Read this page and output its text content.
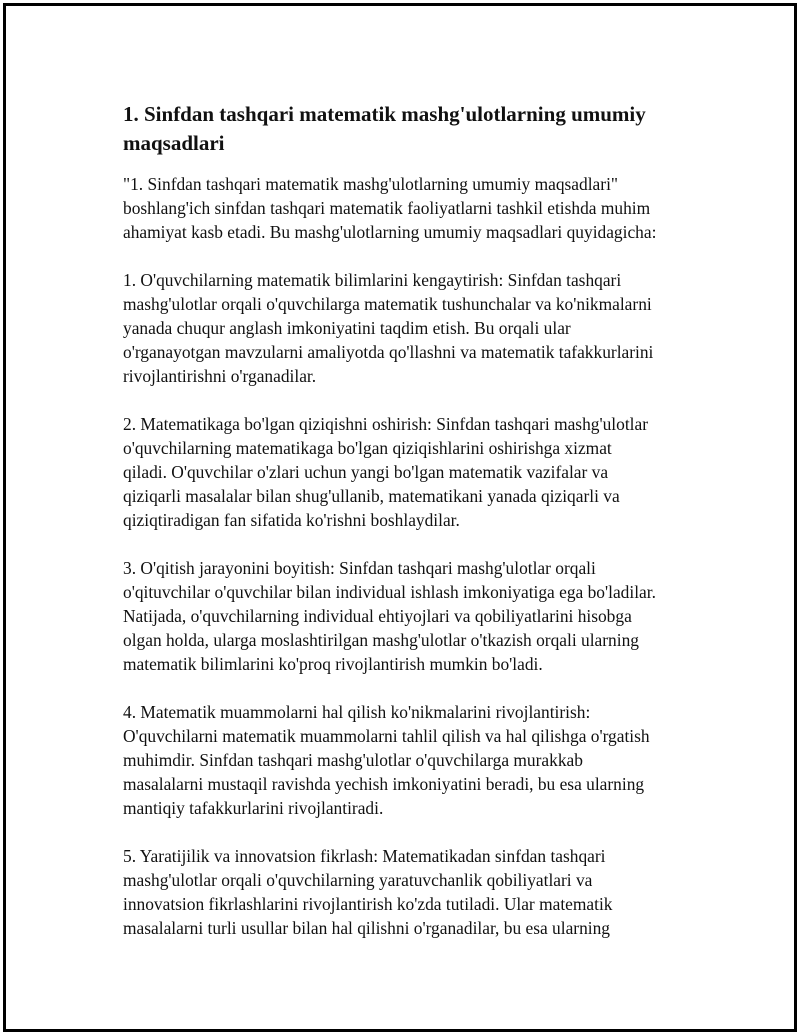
1. Sinfdan tashqari matematik mashg'ulotlarning umumiy
maqsadlari

"1. Sinfdan tashqari matematik mashg'ulotlarning umumiy maqsadlari"
boshlang'ich sinfdan tashqari matematik faoliyatlarni tashkil etishda muhim
ahamiyat kasb etadi. Bu mashg'ulotlarning umumiy maqsadlari quyidagicha:

1. O'quvchilarning matematik bilimlarini kengaytirish: Sinfdan tashqari
mashg'ulotlar orqali o'quvchilarga matematik tushunchalar va ko'nikmalarni
yanada chuqur anglash imkoniyatini taqdim etish. Bu orqali ular
o'rganayotgan mavzularni amaliyotda qo'llashni va matematik tafakkurlarini
rivojlantirishni o'rganadilar.

2. Matematikaga bo'lgan qiziqishni oshirish: Sinfdan tashqari mashg'ulotlar
o'quvchilarning matematikaga bo'lgan qiziqishlarini oshirishga xizmat
qiladi. O'quvchilar o'zlari uchun yangi bo'lgan matematik vazifalar va
qiziqarli masalalar bilan shug'ullanib, matematikani yanada qiziqarli va
qiziqtiradigan fan sifatida ko'rishni boshlaydilar.

3. O'qitish jarayonini boyitish: Sinfdan tashqari mashg'ulotlar orqali
o'qituvchilar o'quvchilar bilan individual ishlash imkoniyatiga ega bo'ladilar.
Natijada, o'quvchilarning individual ehtiyojlari va qobiliyatlarini hisobga
olgan holda, ularga moslashtirilgan mashg'ulotlar o'tkazish orqali ularning
matematik bilimlarini ko'proq rivojlantirish mumkin bo'ladi.

4. Matematik muammolarni hal qilish ko'nikmalarini rivojlantirish:
O'quvchilarni matematik muammolarni tahlil qilish va hal qilishga o'rgatish
muhimdir. Sinfdan tashqari mashg'ulotlar o'quvchilarga murakkab
masalalarni mustaqil ravishda yechish imkoniyatini beradi, bu esa ularning
mantiqiy tafakkurlarini rivojlantiradi.

5. Yaratijilik va innovatsion fikrlash: Matematikadan sinfdan tashqari
mashg'ulotlar orqali o'quvchilarning yaratuvchanlik qobiliyatlari va
innovatsion fikrlashlarini rivojlantirish ko'zda tutiladi. Ular matematik
masalalarni turli usullar bilan hal qilishni o'rganadilar, bu esa ularning
